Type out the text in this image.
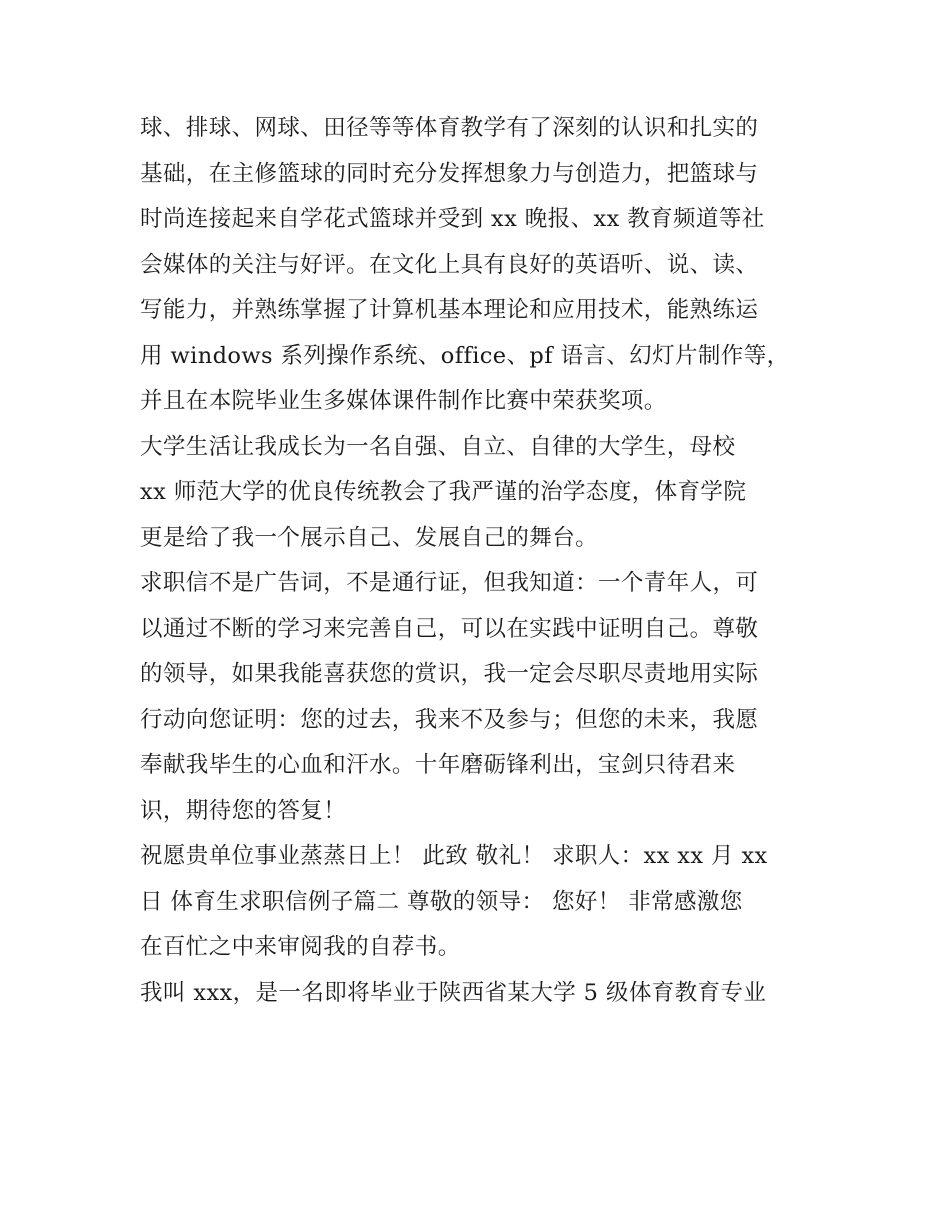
球、排球、网球、田径等等体育教学有了深刻的认识和扎实的
基础，在主修篮球的同时充分发挥想象力与创造力，把篮球与
时尚连接起来自学花式篮球并受到 xx 晚报、xx 教育频道等社
会媒体的关注与好评。在文化上具有良好的英语听、说、读、
写能力，并熟练掌握了计算机基本理论和应用技术，能熟练运
用 windows 系列操作系统、office、pf 语言、幻灯片制作等，
并且在本院毕业生多媒体课件制作比赛中荣获奖项。
大学生活让我成长为一名自强、自立、自律的大学生，母校
xx 师范大学的优良传统教会了我严谨的治学态度，体育学院
更是给了我一个展示自己、发展自己的舞台。
求职信不是广告词，不是通行证，但我知道：一个青年人，可
以通过不断的学习来完善自己，可以在实践中证明自己。尊敬
的领导，如果我能喜获您的赏识，我一定会尽职尽责地用实际
行动向您证明：您的过去，我来不及参与；但您的未来，我愿
奉献我毕生的心血和汗水。十年磨砺锋利出，宝剑只待君来
识，期待您的答复！
祝愿贵单位事业蒸蒸日上！ 此致 敬礼！ 求职人：xx xx 月 xx
日 体育生求职信例子篇二 尊敬的领导： 您好！ 非常感激您
在百忙之中来审阅我的自荐书。
我叫 xxx，是一名即将毕业于陕西省某大学 5 级体育教育专业
